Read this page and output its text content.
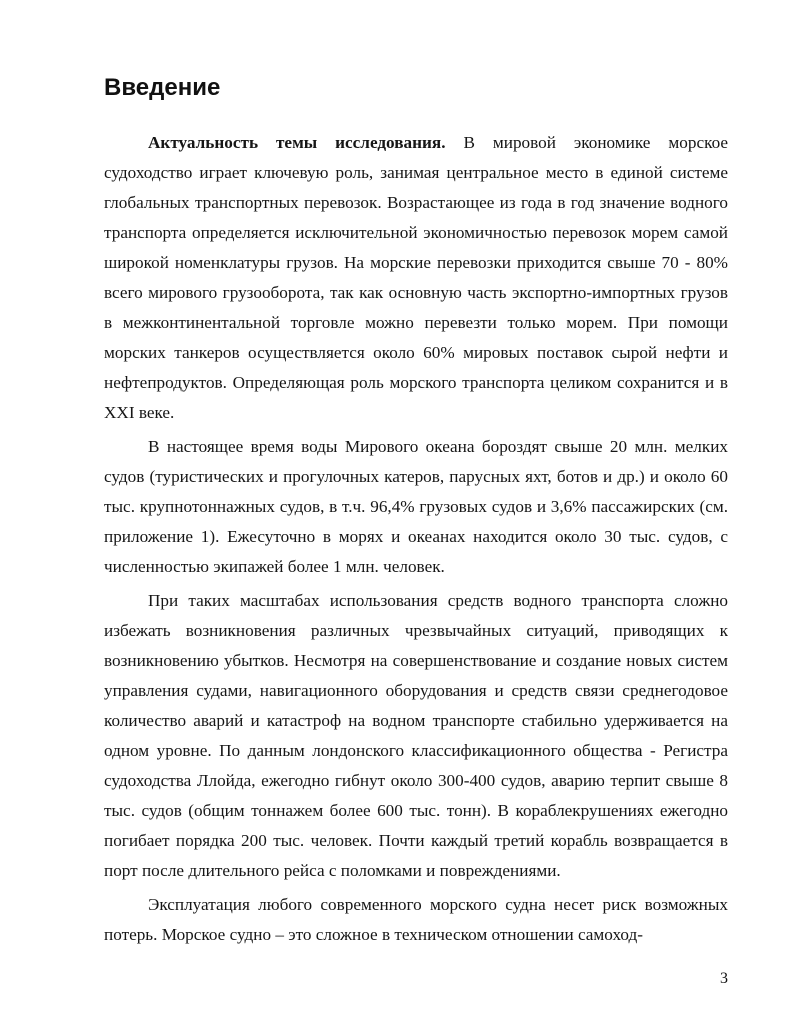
Введение

Актуальность темы исследования. В мировой экономике морское судоходство играет ключевую роль, занимая центральное место в единой системе глобальных транспортных перевозок. Возрастающее из года в год значение водного транспорта определяется исключительной экономичностью перевозок морем самой широкой номенклатуры грузов. На морские перевозки приходится свыше 70 - 80% всего мирового грузооборота, так как основную часть экспортно-импортных грузов в межконтинентальной торговле можно перевезти только морем. При помощи морских танкеров осуществляется около 60% мировых поставок сырой нефти и нефтепродуктов. Определяющая роль морского транспорта целиком сохранится и в XXI веке.

В настоящее время воды Мирового океана бороздят свыше 20 млн. мелких судов (туристических и прогулочных катеров, парусных яхт, ботов и др.) и около 60 тыс. крупнотоннажных судов, в т.ч. 96,4% грузовых судов и 3,6% пассажирских (см. приложение 1). Ежесуточно в морях и океанах находится около 30 тыс. судов, с численностью экипажей более 1 млн. человек.

При таких масштабах использования средств водного транспорта сложно избежать возникновения различных чрезвычайных ситуаций, приводящих к возникновению убытков. Несмотря на совершенствование и создание новых систем управления судами, навигационного оборудования и средств связи среднегодовое количество аварий и катастроф на водном транспорте стабильно удерживается на одном уровне. По данным лондонского классификационного общества - Регистра судоходства Ллойда, ежегодно гибнут около 300-400 судов, аварию терпит свыше 8 тыс. судов (общим тоннажем более 600 тыс. тонн). В кораблекрушениях ежегодно погибает порядка 200 тыс. человек. Почти каждый третий корабль возвращается в порт после длительного рейса с поломками и повреждениями.

Эксплуатация любого современного морского судна несет риск возможных потерь. Морское судно – это сложное в техническом отношении самоход-

3
